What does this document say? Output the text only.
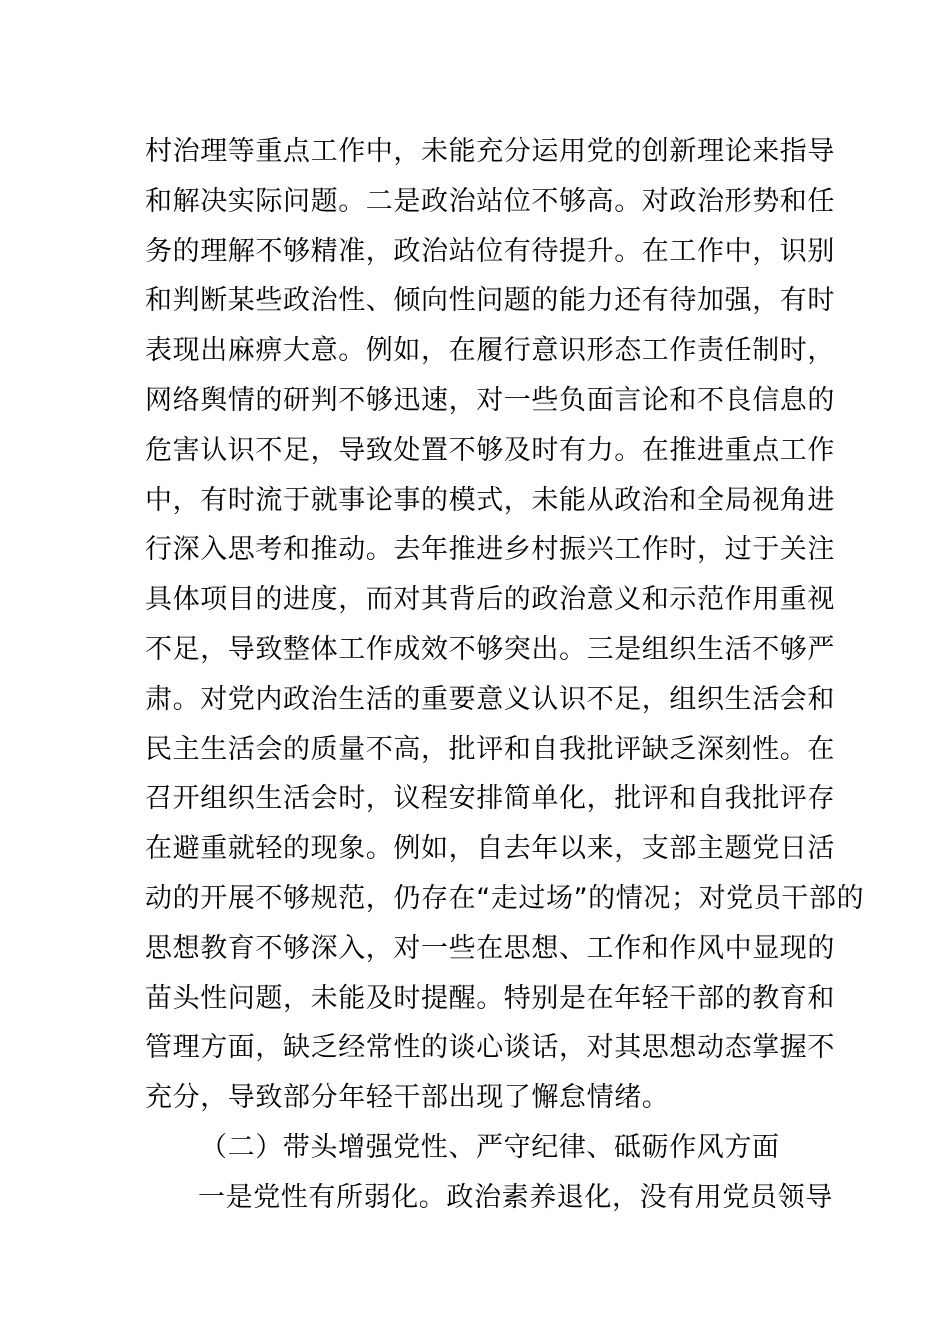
村治理等重点工作中，未能充分运用党的创新理论来指导
和解决实际问题。二是政治站位不够高。对政治形势和任
务的理解不够精准，政治站位有待提升。在工作中，识别
和判断某些政治性、倾向性问题的能力还有待加强，有时
表现出麻痹大意。例如，在履行意识形态工作责任制时，
网络舆情的研判不够迅速，对一些负面言论和不良信息的
危害认识不足，导致处置不够及时有力。在推进重点工作
中，有时流于就事论事的模式，未能从政治和全局视角进
行深入思考和推动。去年推进乡村振兴工作时，过于关注
具体项目的进度，而对其背后的政治意义和示范作用重视
不足，导致整体工作成效不够突出。三是组织生活不够严
肃。对党内政治生活的重要意义认识不足，组织生活会和
民主生活会的质量不高，批评和自我批评缺乏深刻性。在
召开组织生活会时，议程安排简单化，批评和自我批评存
在避重就轻的现象。例如，自去年以来，支部主题党日活
动的开展不够规范，仍存在“走过场”的情况；对党员干部的
思想教育不够深入，对一些在思想、工作和作风中显现的
苗头性问题，未能及时提醒。特别是在年轻干部的教育和
管理方面，缺乏经常性的谈心谈话，对其思想动态掌握不
充分，导致部分年轻干部出现了懈怠情绪。
（二）带头增强党性、严守纪律、砥砺作风方面
一是党性有所弱化。政治素养退化，没有用党员领导
